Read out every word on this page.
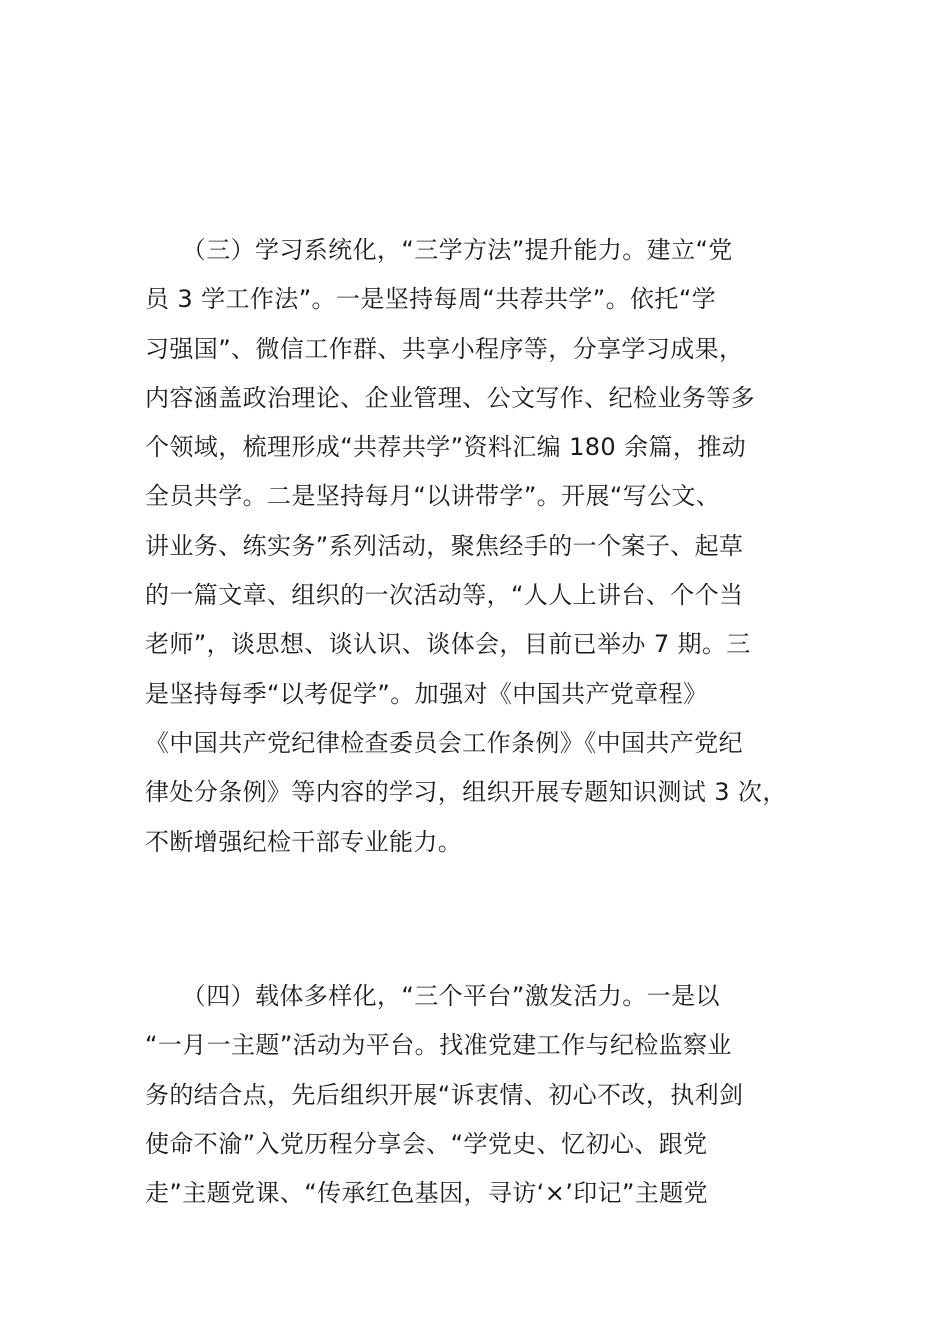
　　（三）学习系统化，“三学方法”提升能力。建立“党
员 3 学工作法”。一是坚持每周“共荐共学”。依托“学
习强国”、微信工作群、共享小程序等，分享学习成果，
内容涵盖政治理论、企业管理、公文写作、纪检业务等多
个领域，梳理形成“共荐共学”资料汇编 180 余篇，推动
全员共学。二是坚持每月“以讲带学”。开展“写公文、
讲业务、练实务”系列活动，聚焦经手的一个案子、起草
的一篇文章、组织的一次活动等，“人人上讲台、个个当
老师”，谈思想、谈认识、谈体会，目前已举办 7 期。三
是坚持每季“以考促学”。加强对《中国共产党章程》
《中国共产党纪律检查委员会工作条例》《中国共产党纪
律处分条例》等内容的学习，组织开展专题知识测试 3 次，
不断增强纪检干部专业能力。
　　（四）载体多样化，“三个平台”激发活力。一是以
“一月一主题”活动为平台。找准党建工作与纪检监察业
务的结合点，先后组织开展“诉衷情、初心不改，执利剑
使命不渝”入党历程分享会、“学党史、忆初心、跟党
走”主题党课、“传承红色基因，寻访‘×’印记”主题党
